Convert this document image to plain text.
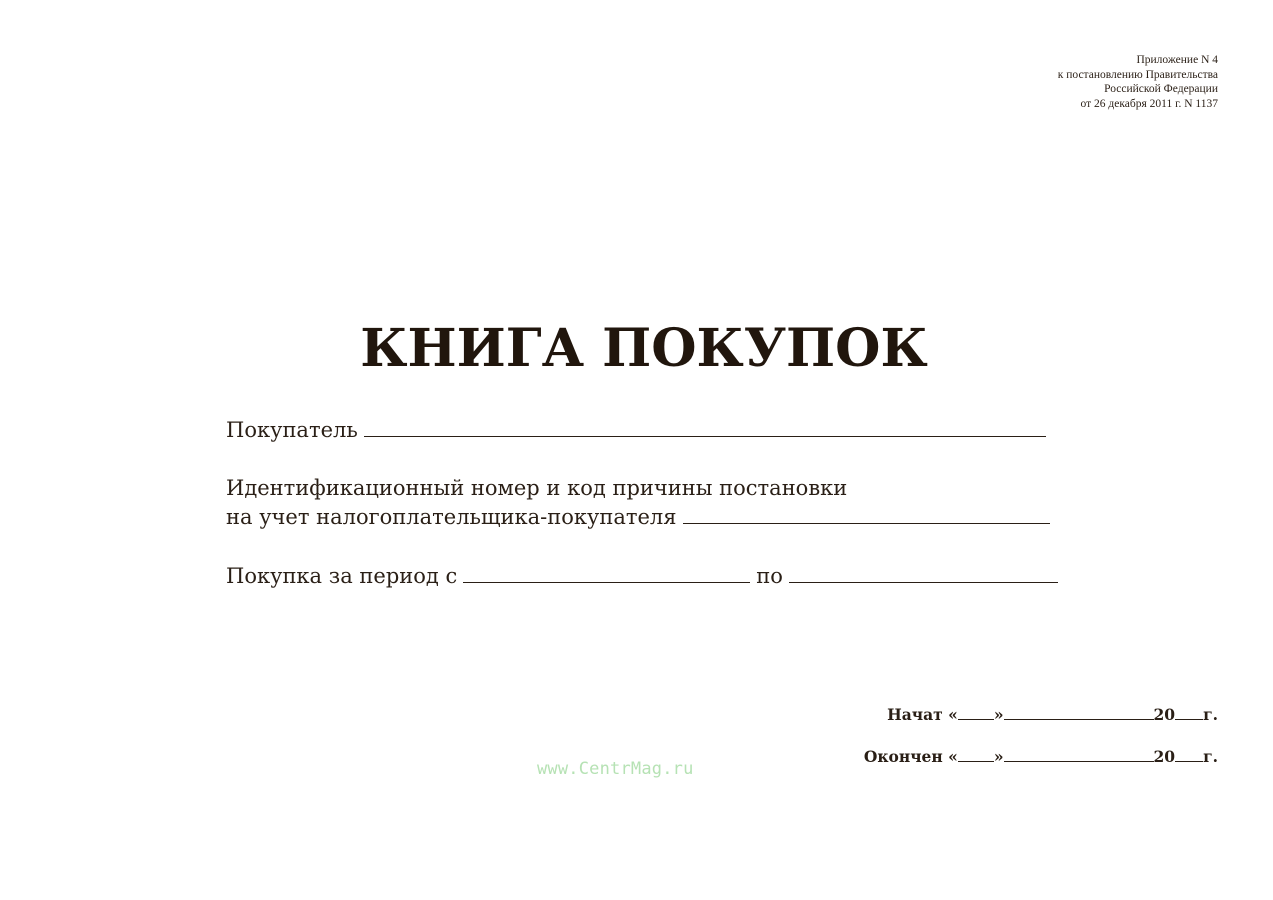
Приложение N 4
к постановлению Правительства
Российской Федерации
от 26 декабря 2011 г. N 1137
КНИГА ПОКУПОК
Покупатель
Идентификационный номер и код причины постановки
на учет налогоплательщика-покупателя
Покупка за период с	по
Начат « »	20 г.
Окончен « »	20 г.
www.CentrMag.ru
